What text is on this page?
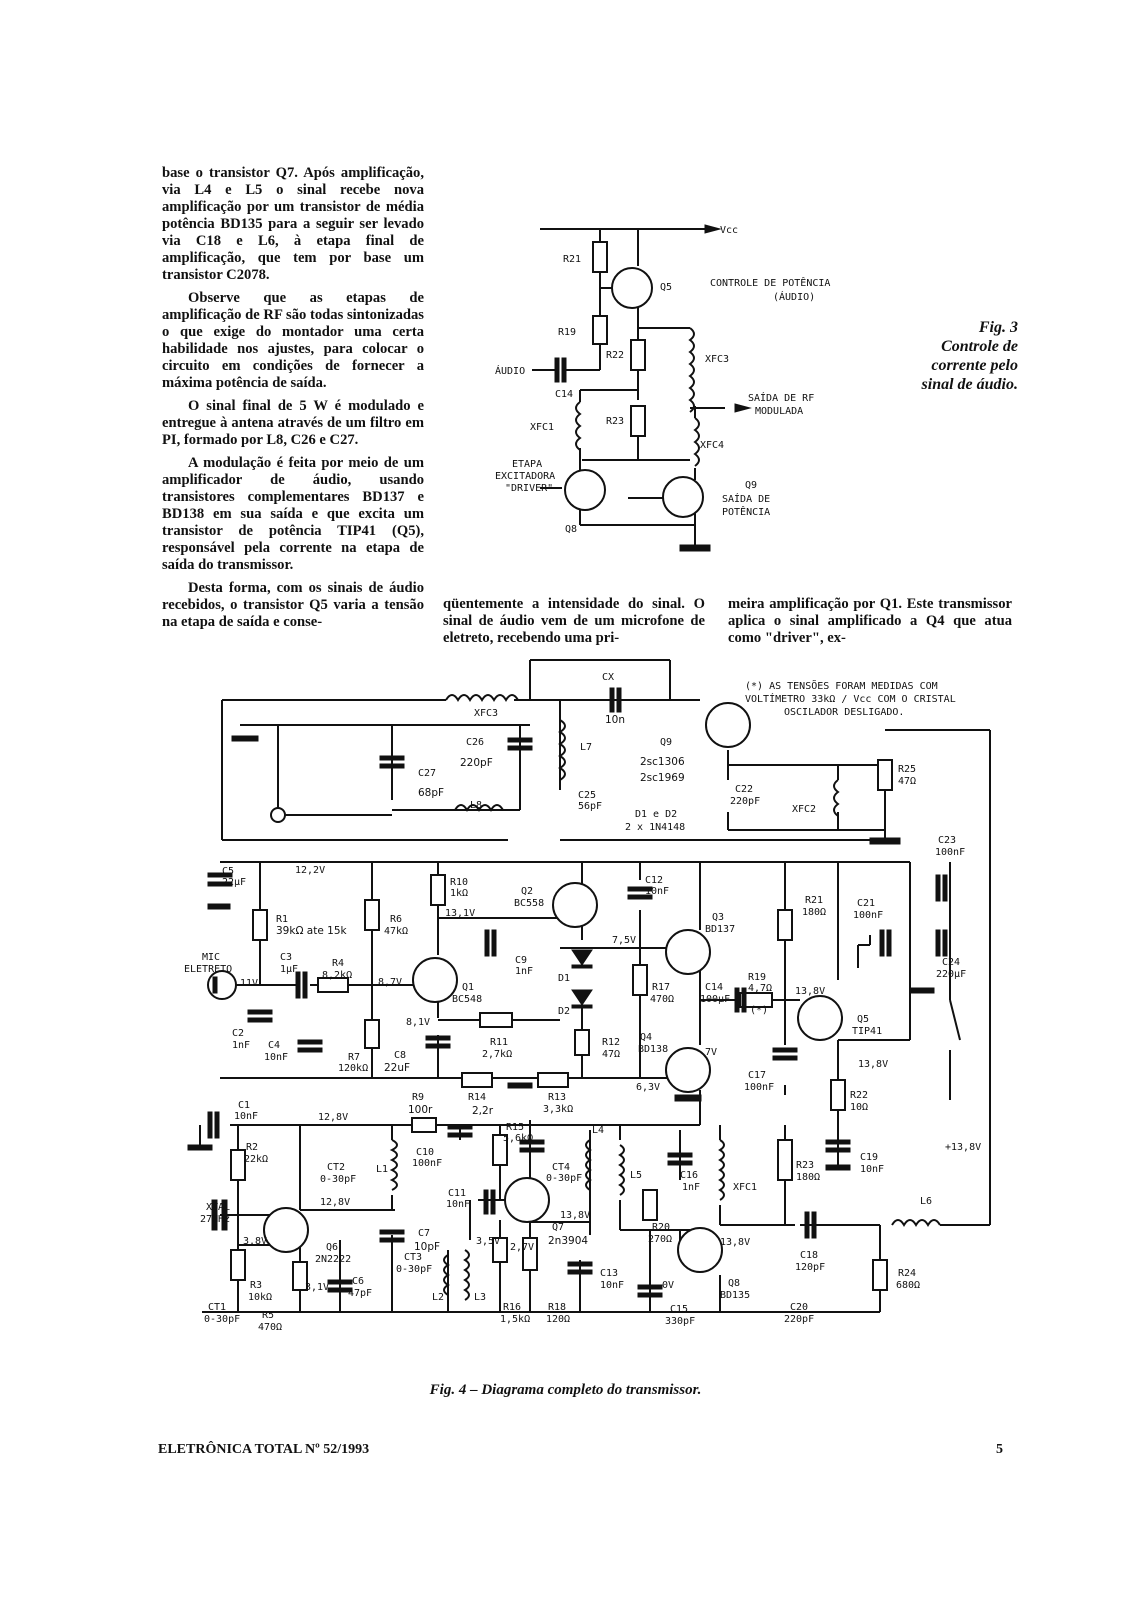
base o transistor Q7. Após amplificação, via L4 e L5 o sinal recebe nova amplificação por um transistor de média potência BD135 para a seguir ser levado via C18 e L6, à etapa final de amplificação, que tem por base um transistor C2078.

Observe que as etapas de amplificação de RF são todas sintonizadas o que exige do montador uma certa habilidade nos ajustes, para colocar o circuito em condições de fornecer a máxima potência de saída.

O sinal final de 5 W é modulado e entregue à antena através de um filtro em PI, formado por L8, C26 e C27.

A modulação é feita por meio de um amplificador de áudio, usando transistores complementares BD137 e BD138 em sua saída e que excita um transistor de potência TIP41 (Q5), responsável pela corrente na etapa de saída do transmissor.

Desta forma, com os sinais de áudio recebidos, o transistor Q5 varia a tensão na etapa de saída e conse-

qüentemente a intensidade do sinal. O sinal de áudio vem de um microfone de eletreto, recebendo uma pri-

meira amplificação por Q1. Este transmissor aplica o sinal amplificado a Q4 que atua como "driver", ex-

Fig. 3 Controle de corrente pelo sinal de áudio.
Vcc
R21
Q5	CONTROLE DE POTÊNCIA
(ÁUDIO)
R19
R22	XFC3
ÁUDIO
C14	SAÍDA DE RF
MODULADA
XFC1
R23
XFC4
ETAPA
EXCITADORA
"DRIVER"
Q8
Q9
SAÍDA DE
POTÊNCIA
(*) AS TENSÕES FORAM MEDIDAS COM
VOLTÍMETRO 33kΩ / Vcc COM O CRISTAL
OSCILADOR DESLIGADO.
XFC3
CX
10n
C26
220pF
C27
68pF
L7
C25
56pF
L8
Q9
2sc1306
2sc1969
D1 e D2
2 x 1N4148
C22
220pF
XFC2
R25
47Ω
C5
22µF
12,2V
R1
39kΩ ate 15k
R6
47kΩ
R10
1kΩ
13,1V
Q2
BC558
C12
10nF
R21
180Ω
C21
100nF
C23
100nF
C24
220µF
MIC
ELETRETO
C3
1µF
R4
8,2kΩ
11V	8,7V	Q1
BC548
C9
1nF
D1
D2
7,5V
Q3
BD137
R17
470Ω
C14
100µF
R19
4,7Ω
(*)
13,8V
Q5
TIP41
C2
1nF C4
10nF
8,1V
R11
2,7kΩ
R12
47Ω
Q4
BD138	7V
R7
120kΩ
C8
22uF
R14
2,2r
R13
3,3kΩ
6,3V
C17
100nF
13,8V
R22
10Ω
C1
10nF	12,8V
R9
100r
R15
5,6kΩ
L4
R2
22kΩ
CT2
0-30pF
L1
C10
100nF	CT4
0-30pF	L5	C16
1nF	XFC1
R23
180Ω
C19
10nF
+13,8V
C11
10nF
13,8V
XTAL
27MHz
12,8V
Q7
2n3904
L6
3,8V
Q6
2N2222
C7
10pF	3,5V
2,7V
R20
270Ω	13,8V
C18
120pF
CT3
0-30pF
L2	L3
C13
10nF	0V	Q8
BD135
R24
680Ω
R3
10kΩ
3,1V
C6
47pF
R16
1,5kΩ
R18
120Ω
C15
330pF
C20
220pF
CT1
0-30pF R5
470Ω
Fig. 4 – Diagrama completo do transmissor.
ELETRÔNICA TOTAL Nº 52/1993	5
